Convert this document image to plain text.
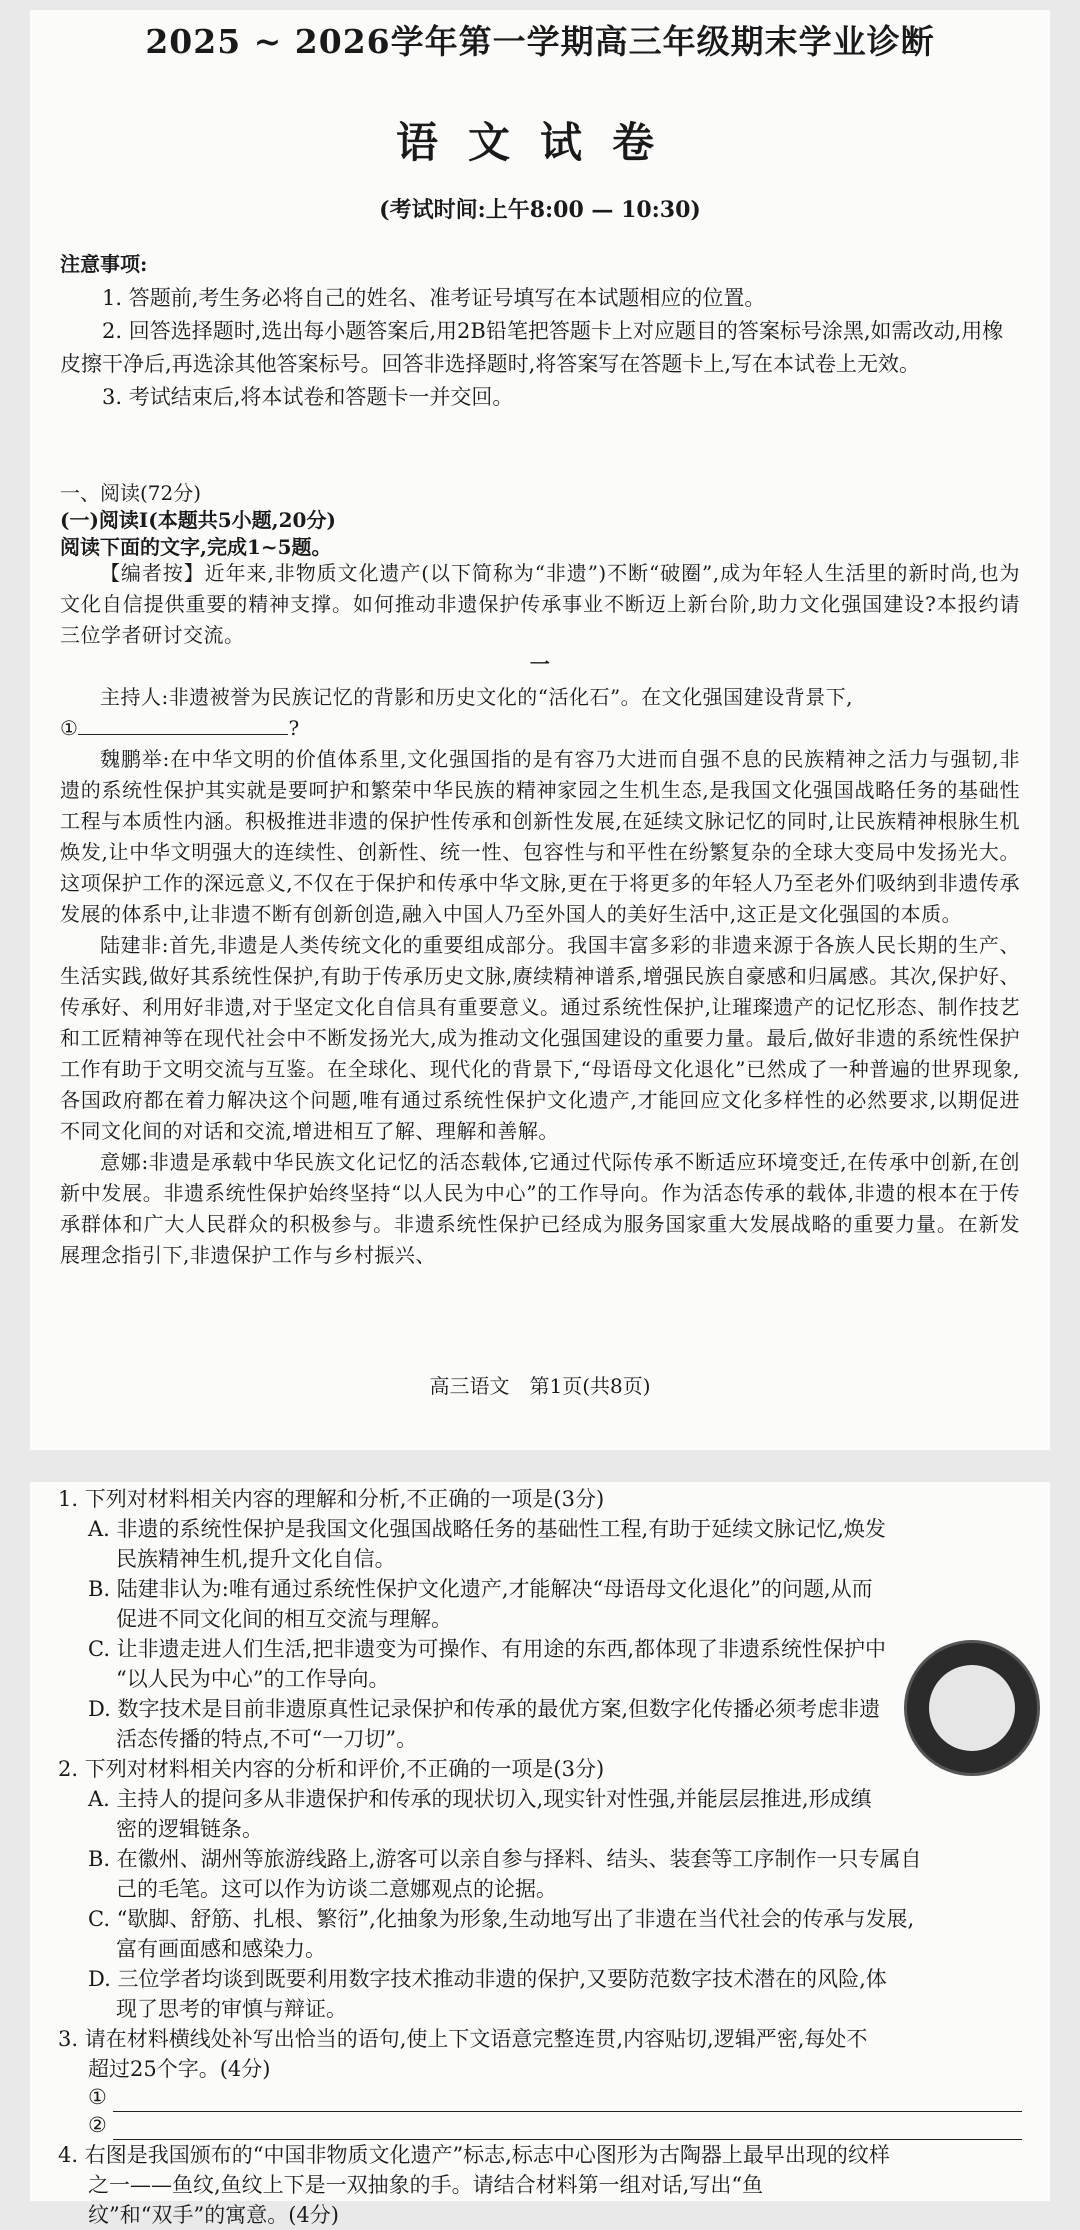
2025 ~ 2026学年第一学期高三年级期末学业诊断
语文试卷
(考试时间:上午8:00 — 10:30)
注意事项:

1. 答题前,考生务必将自己的姓名、准考证号填写在本试题相应的位置。

2. 回答选择题时,选出每小题答案后,用2B铅笔把答题卡上对应题目的答案标号涂黑,如需改动,用橡皮擦干净后,再选涂其他答案标号。回答非选择题时,将答案写在答题卡上,写在本试卷上无效。

3. 考试结束后,将本试卷和答题卡一并交回。

一、阅读(72分)

(一)阅读Ⅰ(本题共5小题,20分)

阅读下面的文字,完成1~5题。

【编者按】近年来,非物质文化遗产(以下简称为“非遗”)不断“破圈”,成为年轻人生活里的新时尚,也为文化自信提供重要的精神支撑。如何推动非遗保护传承事业不断迈上新台阶,助力文化强国建设?本报约请三位学者研讨交流。

一

主持人:非遗被誉为民族记忆的背影和历史文化的“活化石”。在文化强国建设背景下,

①	?

魏鹏举:在中华文明的价值体系里,文化强国指的是有容乃大进而自强不息的民族精神之活力与强韧,非遗的系统性保护其实就是要呵护和繁荣中华民族的精神家园之生机生态,是我国文化强国战略任务的基础性工程与本质性内涵。积极推进非遗的保护性传承和创新性发展,在延续文脉记忆的同时,让民族精神根脉生机焕发,让中华文明强大的连续性、创新性、统一性、包容性与和平性在纷繁复杂的全球大变局中发扬光大。这项保护工作的深远意义,不仅在于保护和传承中华文脉,更在于将更多的年轻人乃至老外们吸纳到非遗传承发展的体系中,让非遗不断有创新创造,融入中国人乃至外国人的美好生活中,这正是文化强国的本质。

陆建非:首先,非遗是人类传统文化的重要组成部分。我国丰富多彩的非遗来源于各族人民长期的生产、生活实践,做好其系统性保护,有助于传承历史文脉,赓续精神谱系,增强民族自豪感和归属感。其次,保护好、传承好、利用好非遗,对于坚定文化自信具有重要意义。通过系统性保护,让璀璨遗产的记忆形态、制作技艺和工匠精神等在现代社会中不断发扬光大,成为推动文化强国建设的重要力量。最后,做好非遗的系统性保护工作有助于文明交流与互鉴。在全球化、现代化的背景下,“母语母文化退化”已然成了一种普遍的世界现象,各国政府都在着力解决这个问题,唯有通过系统性保护文化遗产,才能回应文化多样性的必然要求,以期促进不同文化间的对话和交流,增进相互了解、理解和善解。

意娜:非遗是承载中华民族文化记忆的活态载体,它通过代际传承不断适应环境变迁,在传承中创新,在创新中发展。非遗系统性保护始终坚持“以人民为中心”的工作导向。作为活态传承的载体,非遗的根本在于传承群体和广大人民群众的积极参与。非遗系统性保护已经成为服务国家重大发展战略的重要力量。在新发展理念指引下,非遗保护工作与乡村振兴、

高三语文　第1页(共8页)

1. 下列对材料相关内容的理解和分析,不正确的一项是(3分)

A. 非遗的系统性保护是我国文化强国战略任务的基础性工程,有助于延续文脉记忆,焕发

民族精神生机,提升文化自信。

B. 陆建非认为:唯有通过系统性保护文化遗产,才能解决“母语母文化退化”的问题,从而

促进不同文化间的相互交流与理解。

C. 让非遗走进人们生活,把非遗变为可操作、有用途的东西,都体现了非遗系统性保护中

“以人民为中心”的工作导向。

D. 数字技术是目前非遗原真性记录保护和传承的最优方案,但数字化传播必须考虑非遗

活态传播的特点,不可“一刀切”。

2. 下列对材料相关内容的分析和评价,不正确的一项是(3分)

A. 主持人的提问多从非遗保护和传承的现状切入,现实针对性强,并能层层推进,形成缜

密的逻辑链条。

B. 在徽州、湖州等旅游线路上,游客可以亲自参与择料、结头、装套等工序制作一只专属自

己的毛笔。这可以作为访谈二意娜观点的论据。

C. “歇脚、舒筋、扎根、繁衍”,化抽象为形象,生动地写出了非遗在当代社会的传承与发展,

富有画面感和感染力。

D. 三位学者均谈到既要利用数字技术推动非遗的保护,又要防范数字技术潜在的风险,体

现了思考的审慎与辩证。

3. 请在材料横线处补写出恰当的语句,使上下文语意完整连贯,内容贴切,逻辑严密,每处不

超过25个字。(4分)

①
②

4. 右图是我国颁布的“中国非物质文化遗产”标志,标志中心图形为古陶器上最早出现的纹样

之一——鱼纹,鱼纹上下是一双抽象的手。请结合材料第一组对话,写出“鱼

纹”和“双手”的寓意。(4分)
